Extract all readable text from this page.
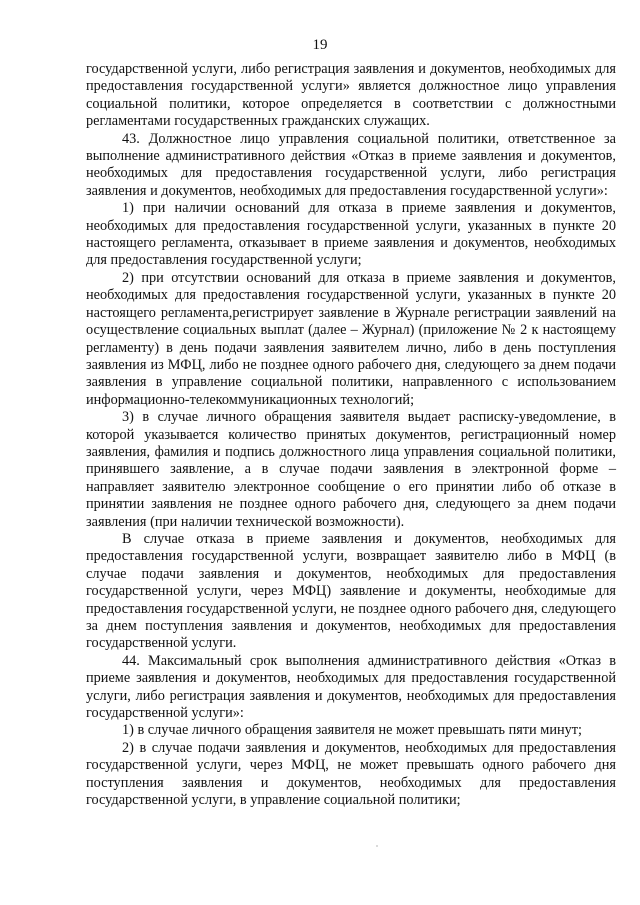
19

государственной услуги, либо регистрация заявления и документов, необходимых для предоставления государственной услуги» является должностное лицо управления социальной политики, которое определяется в соответствии с должностными регламентами государственных гражданских служащих.

43. Должностное лицо управления социальной политики, ответственное за выполнение административного действия «Отказ в приеме заявления и документов, необходимых для предоставления государственной услуги, либо регистрация заявления и документов, необходимых для предоставления государственной услуги»:

1) при наличии оснований для отказа в приеме заявления и документов, необходимых для предоставления государственной услуги, указанных в пункте 20 настоящего регламента, отказывает в приеме заявления и документов, необходимых для предоставления государственной услуги;

2) при отсутствии оснований для отказа в приеме заявления и документов, необходимых для предоставления государственной услуги, указанных в пункте 20 настоящего регламента,регистрирует заявление в Журнале регистрации заявлений на осуществление социальных выплат (далее – Журнал) (приложение № 2 к настоящему регламенту) в день подачи заявления заявителем лично, либо в день поступления заявления из МФЦ, либо не позднее одного рабочего дня, следующего за днем подачи заявления в управление социальной политики, направленного с использованием информационно-телекоммуникационных технологий;

3) в случае личного обращения заявителя выдает расписку-уведомление, в которой указывается количество принятых документов, регистрационный номер заявления, фамилия и подпись должностного лица управления социальной политики, принявшего заявление, а в случае подачи заявления в электронной форме – направляет заявителю электронное сообщение о его принятии либо об отказе в принятии заявления не позднее одного рабочего дня, следующего за днем подачи заявления (при наличии технической возможности).

В случае отказа в приеме заявления и документов, необходимых для предоставления государственной услуги, возвращает заявителю либо в МФЦ (в случае подачи заявления и документов, необходимых для предоставления государственной услуги, через МФЦ) заявление и документы, необходимые для предоставления государственной услуги, не позднее одного рабочего дня, следующего за днем поступления заявления и документов, необходимых для предоставления государственной услуги.

44. Максимальный срок выполнения административного действия «Отказ в приеме заявления и документов, необходимых для предоставления государственной услуги, либо регистрация заявления и документов, необходимых для предоставления государственной услуги»:

1) в случае личного обращения заявителя не может превышать пяти минут;

2) в случае подачи заявления и документов, необходимых для предоставления государственной услуги, через МФЦ, не может превышать одного рабочего дня поступления заявления и документов, необходимых для предоставления государственной услуги, в управление социальной политики;
